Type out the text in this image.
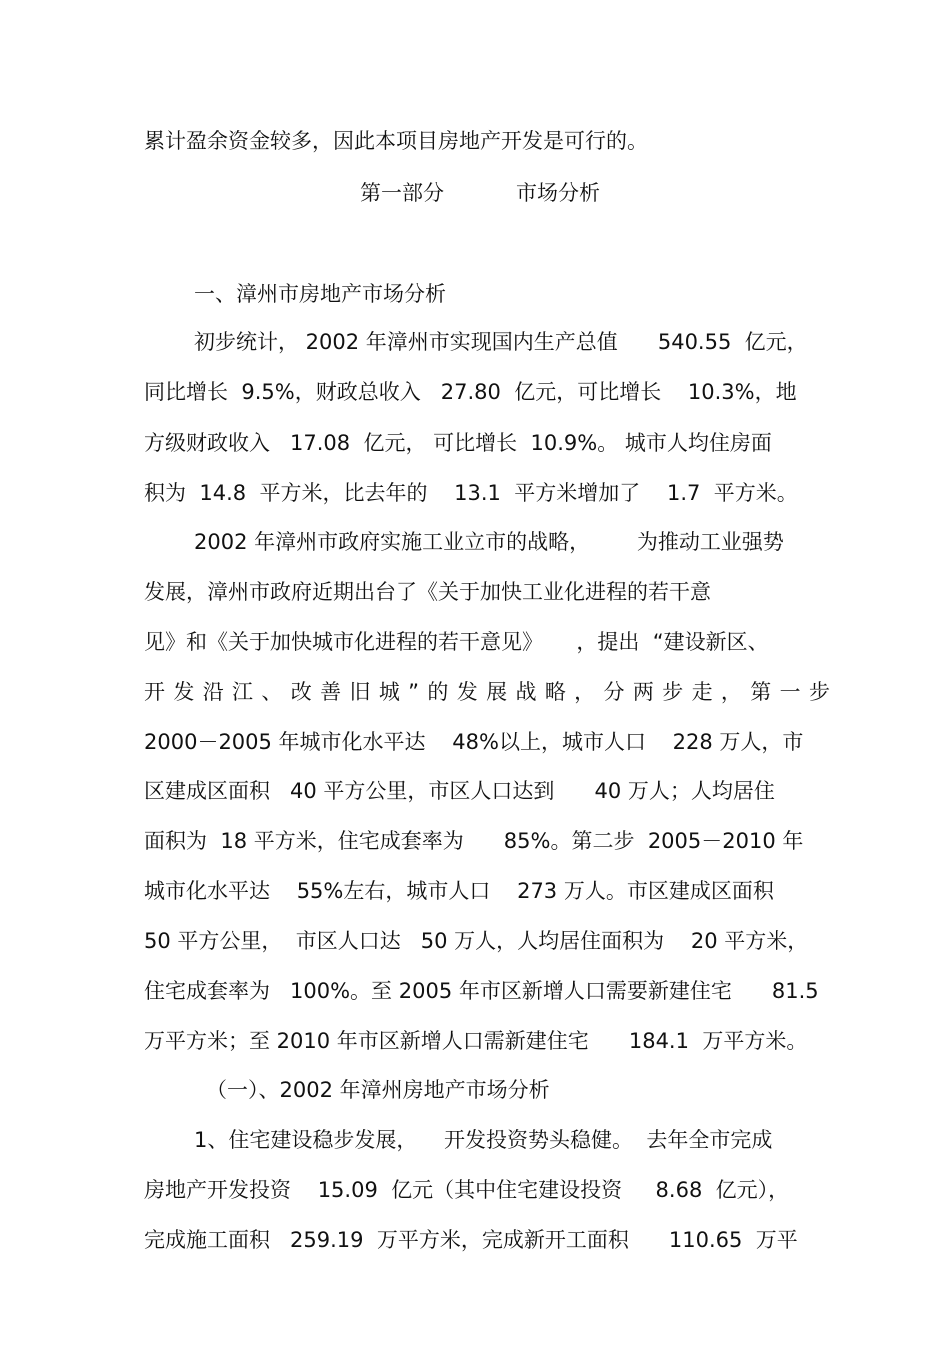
累计盈余资金较多，因此本项目房地产开发是可行的。
第一部分	市场分析
一、漳州市房地产市场分析
初步统计， 2002 年漳州市实现国内生产总值      540.55  亿元，
同比增长  9.5%，财政总收入   27.80  亿元，可比增长    10.3%，地
方级财政收入   17.08  亿元， 可比增长  10.9%。 城市人均住房面
积为  14.8  平方米，比去年的    13.1  平方米增加了    1.7  平方米。
2002 年漳州市政府实施工业立市的战略，       为推动工业强势
发展，漳州市政府近期出台了《关于加快工业化进程的若干意
见》和《关于加快城市化进程的若干意见》     ，提出  “建设新区、
开发沿江、改善旧城”的发展战略，分两步走，第一步
2000－2005 年城市化水平达    48%以上，城市人口    228 万人，市
区建成区面积   40 平方公里，市区人口达到      40 万人；人均居住
面积为  18 平方米，住宅成套率为      85%。第二步  2005－2010 年
城市化水平达    55%左右，城市人口    273 万人。市区建成区面积
50 平方公里，  市区人口达   50 万人，人均居住面积为    20 平方米，
住宅成套率为   100%。至 2005 年市区新增人口需要新建住宅      81.5
万平方米；至 2010 年市区新增人口需新建住宅      184.1  万平方米。
（一）、2002 年漳州房地产市场分析
1、住宅建设稳步发展，    开发投资势头稳健。  去年全市完成
房地产开发投资    15.09  亿元（其中住宅建设投资     8.68  亿元），
完成施工面积   259.19  万平方米，完成新开工面积      110.65  万平
